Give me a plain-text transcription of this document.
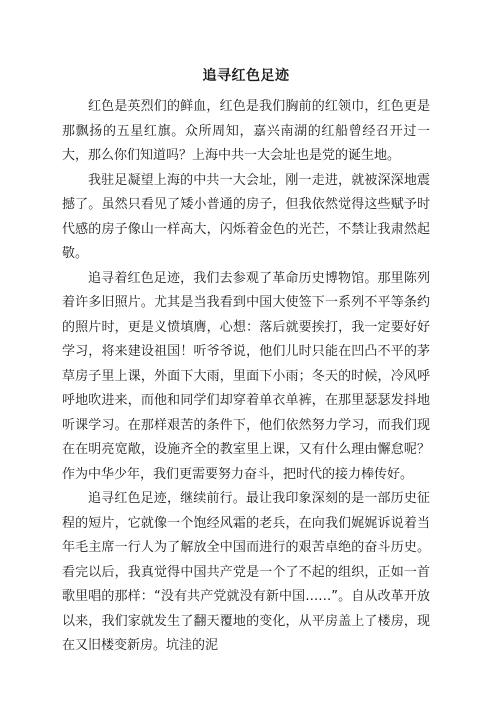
追寻红色足迹

红色是英烈们的鲜血，红色是我们胸前的红领巾，红色更是那飘扬的五星红旗。众所周知，嘉兴南湖的红船曾经召开过一大，那么你们知道吗？上海中共一大会址也是党的诞生地。

我驻足凝望上海的中共一大会址，刚一走进，就被深深地震撼了。虽然只看见了矮小普通的房子，但我依然觉得这些赋予时代感的房子像山一样高大，闪烁着金色的光芒，不禁让我肃然起敬。

追寻着红色足迹，我们去参观了革命历史博物馆。那里陈列着许多旧照片。尤其是当我看到中国大使签下一系列不平等条约的照片时，更是义愤填膺，心想：落后就要挨打，我一定要好好学习，将来建设祖国！听爷爷说，他们儿时只能在凹凸不平的茅草房子里上课，外面下大雨，里面下小雨；冬天的时候，冷风呼呼地吹进来，而他和同学们却穿着单衣单裤，在那里瑟瑟发抖地听课学习。在那样艰苦的条件下，他们依然努力学习，而我们现在在明亮宽敞，设施齐全的教室里上课，又有什么理由懈怠呢？作为中华少年，我们更需要努力奋斗，把时代的接力棒传好。

追寻红色足迹，继续前行。最让我印象深刻的是一部历史征程的短片，它就像一个饱经风霜的老兵，在向我们娓娓诉说着当年毛主席一行人为了解放全中国而进行的艰苦卓绝的奋斗历史。看完以后，我真觉得中国共产党是一个了不起的组织，正如一首歌里唱的那样：“没有共产党就没有新中国……”。自从改革开放以来，我们家就发生了翻天覆地的变化，从平房盖上了楼房，现在又旧楼变新房。坑洼的泥
